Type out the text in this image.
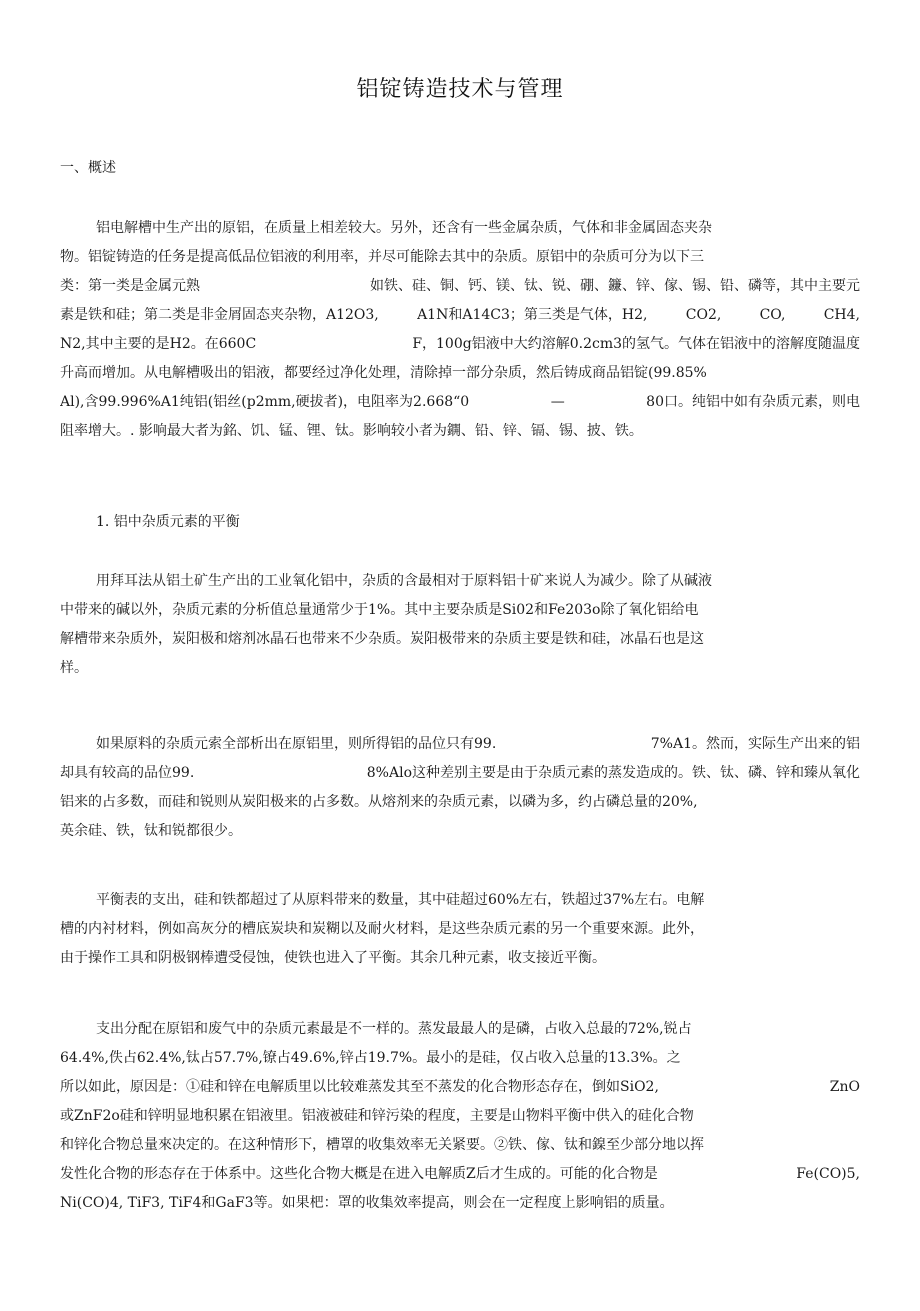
铝锭铸造技术与管理
一、概述
铝电解槽中生产出的原铝，在质量上相差较大。另外，还含有一些金属杂质，气体和非金属固态夹杂
物。铝锭铸造的任务是提高低品位铝液的利用率，并尽可能除去其中的杂质。原铝中的杂质可分为以下三
类：第一类是金属元熟	如铁、硅、铜、钙、镁、钛、锐、硼、鐮、锌、傢、锡、铅、磷等，其中主要元
素是铁和硅；第二类是非金屑固态夹杂物，A12O3,	A1N和A14C3；第三类是气体，H2,	CO2,	CO,	CH4,
N2,其中主要的是H2。在660C	F，100g铝液中大约溶解0.2cm3的氢气。气体在铝液中的溶解度随温度
升高而增加。从电解槽吸出的铝液，都要经过净化处理，清除掉一部分杂质，然后铸成商品铝锭(99.85%
Al),含99.996%A1纯铝(铝丝(p2mm,硬拔者)，电阻率为2.668“0	—	80口。纯铝中如有杂质元素，则电
阻率增大。. 影响最大者为銘、饥、锰、锂、钛。影响较小者为鐦、铅、锌、镉、锡、披、铁。
1. 铝中杂质元素的平衡
用拜耳法从铝土矿生产出的工业氧化铝中，杂质的含最相对于原料铝十矿来说人为减少。除了从碱液
中带来的碱以外，杂质元素的分析值总量通常少于1%。其中主要杂质是Si02和Fe203o除了氧化铝给电
解槽带来杂质外，炭阳极和熔剂冰晶石也带来不少杂质。炭阳极带来的杂质主要是铁和硅，冰晶石也是这
样。
如果原料的杂质元索全部析出在原铝里，则所得铝的品位只有99.	7%A1。然而，实际生产出来的铝
却具有较高的品位99.	8%Alo这种差别主要是由于杂质元素的蒸发造成的。铁、钛、磷、锌和臻从氧化
铝来的占多数，而硅和锐则从炭阳极来的占多数。从熔剂来的杂质元素，以磷为多，约占磷总量的20%,
英余硅、铁，钛和锐都很少。
平衡表的支出，硅和铁都超过了从原料带来的数量，其中硅超过60%左右，铁超过37%左右。电解
槽的内衬材料，例如高灰分的槽底炭块和炭糊以及耐火材料，是这些杂质元素的另一个重要來源。此外，
由于操作工具和阴极钢棒遭受侵蚀，使铁也进入了平衡。其余几种元素，收支接近平衡。
支出分配在原铝和废气中的杂质元素最是不一样的。蒸发最最人的是磷，占收入总最的72%,锐占
64.4%,佚占62.4%,钛占57.7%,镣占49.6%,锌占19.7%。最小的是硅，仅占收入总量的13.3%。之
所以如此，原因是：①硅和锌在电解质里以比较难蒸发其至不蒸发的化合物形态存在，倒如SiO2,	ZnO
或ZnF2o硅和锌明显地积累在铝液里。铝液被硅和锌污染的程度，主要是山物料平衡中供入的硅化合物
和锌化合物总量來决定的。在这种情形下，槽罩的收集效率无关紧要。②铁、傢、钛和鎳至少部分地以挥
发性化合物的形态存在于体系中。这些化合物大概是在进入电解质Z后才生成的。可能的化合物是	Fe(CO)5,
Ni(CO)4, TiF3, TiF4和GaF3等。如果杷：罩的收集效率提高，则会在一定程度上影响铝的质量。
